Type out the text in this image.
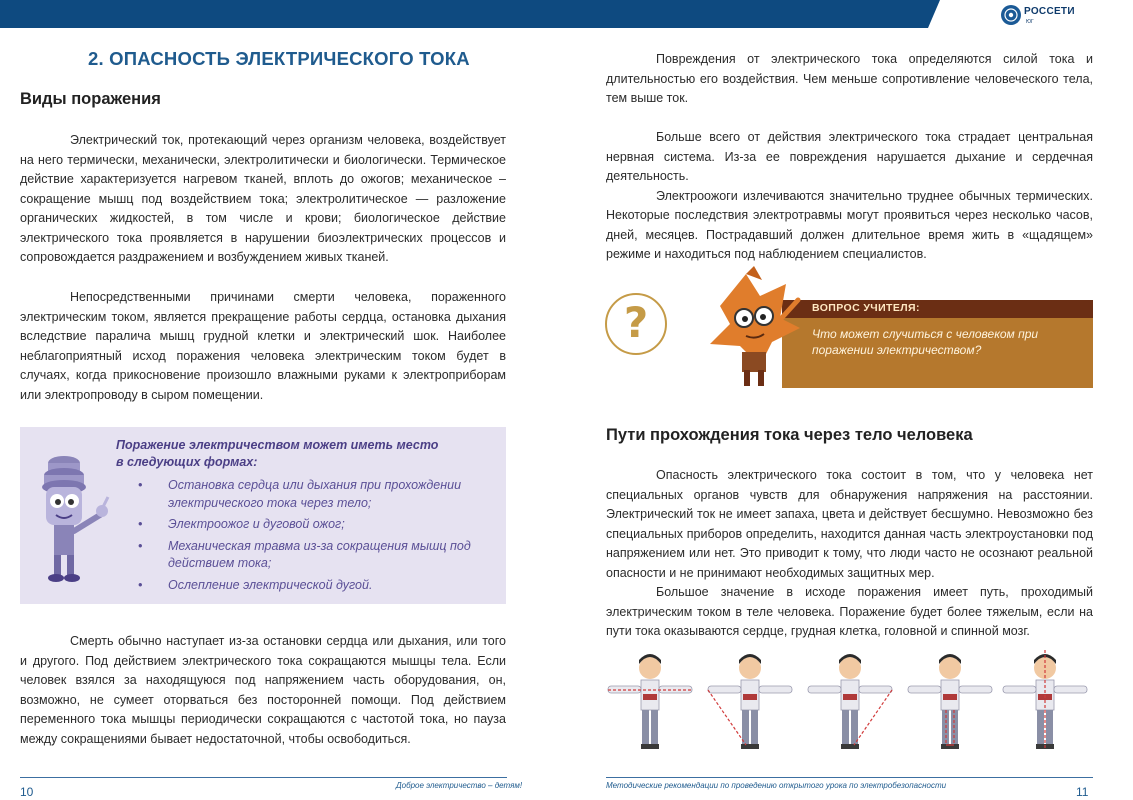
РОССЕТИ
ЮГ
2. ОПАСНОСТЬ ЭЛЕКТРИЧЕСКОГО ТОКА
Виды поражения

Электрический ток, протекающий через организм человека, воздействует на него термически, механически, электролитически и биологически. Термическое действие характеризуется нагревом тканей, вплоть до ожогов; механическое – сокращение мышц под воздействием тока; электролитическое — разложение органических жидкостей, в том числе и крови; биологическое действие электрического тока проявляется в нарушении биоэлектрических процессов и сопровождается раздражением и возбуждением живых тканей.

Непосредственными причинами смерти человека, пораженного электрическим током, является прекращение работы сердца, остановка дыхания вследствие паралича мышц грудной клетки и электрический шок. Наиболее неблагоприятный исход поражения человека электрическим током будет в случаях, когда прикосновение произошло влажными руками к электроприборам или электропроводу в сыром помещении.

Поражение электричеством может иметь место в следующих формах:
• Остановка сердца или дыхания при прохождении электрического тока через тело;
• Электроожог и дуговой ожог;
• Механическая травма из-за сокращения мышц под действием тока;
• Ослепление электрической дугой.

Смерть обычно наступает из-за остановки сердца или дыхания, или того и другого. Под действием электрического тока сокращаются мышцы тела. Если человек взялся за находящуюся под напряжением часть оборудования, он, возможно, не сумеет оторваться без посторонней помощи. Под действием переменного тока мышцы периодически сокращаются с частотой тока, но пауза между сокращениями бывает недостаточной, чтобы освободиться.

10	Доброе электричество – детям!

Повреждения от электрического тока определяются силой тока и длительностью его воздействия. Чем меньше сопротивление человеческого тела, тем выше ток.

Больше всего от действия электрического тока страдает центральная нервная система. Из-за ее повреждения нарушается дыхание и сердечная деятельность.

Электроожоги излечиваются значительно труднее обычных термических. Некоторые последствия электротравмы могут проявиться через несколько часов, дней, месяцев. Пострадавший должен длительное время жить в «щадящем» режиме и находиться под наблюдением специалистов.

?	ВОПРОС УЧИТЕЛЯ:
Что может случиться с человеком при поражении электричеством?
Пути прохождения тока через тело человека

Опасность электрического тока состоит в том, что у человека нет специальных органов чувств для обнаружения напряжения на расстоянии. Электрический ток не имеет запаха, цвета и действует бесшумно. Невозможно без специальных приборов определить, находится данная часть электроустановки под напряжением или нет. Это приводит к тому, что люди часто не осознают реальной опасности и не принимают необходимых защитных мер.

Большое значение в исходе поражения имеет путь, проходимый электрическим током в теле человека. Поражение будет более тяжелым, если на пути тока оказываются сердце, грудная клетка, головной и спинной мозг.

Методические рекомендации по проведению открытого урока по электробезопасности	11
